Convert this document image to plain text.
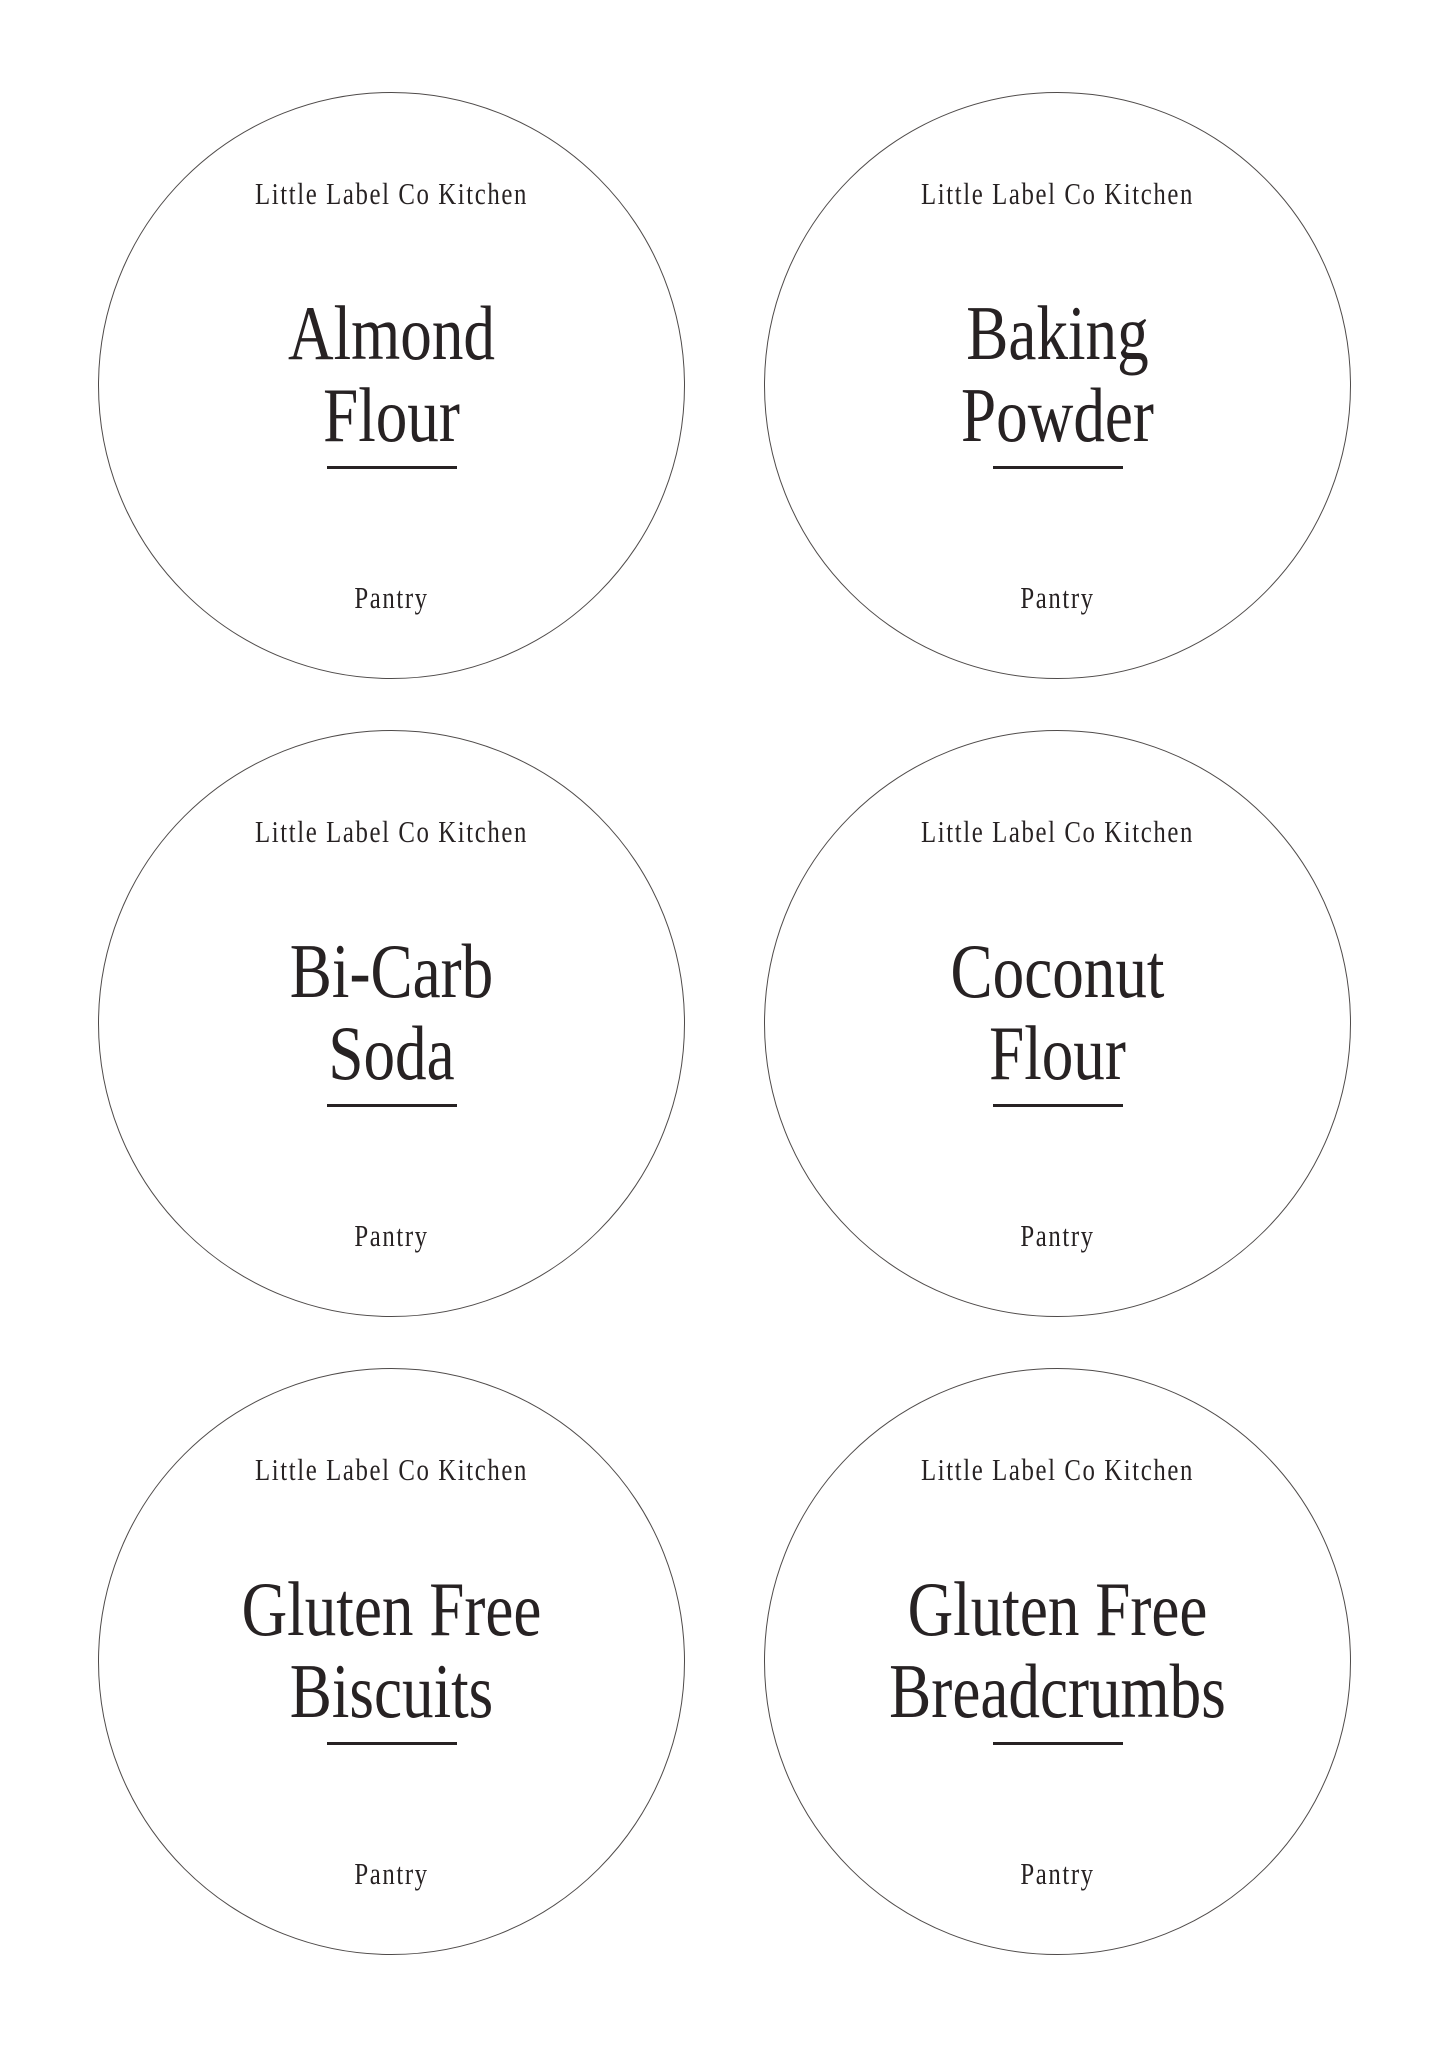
Little Label Co Kitchen
Almond
Flour
Pantry
Little Label Co Kitchen
Baking
Powder
Pantry
Little Label Co Kitchen
Bi-Carb
Soda
Pantry
Little Label Co Kitchen
Coconut
Flour
Pantry
Little Label Co Kitchen
Gluten Free
Biscuits
Pantry
Little Label Co Kitchen
Gluten Free
Breadcrumbs
Pantry
